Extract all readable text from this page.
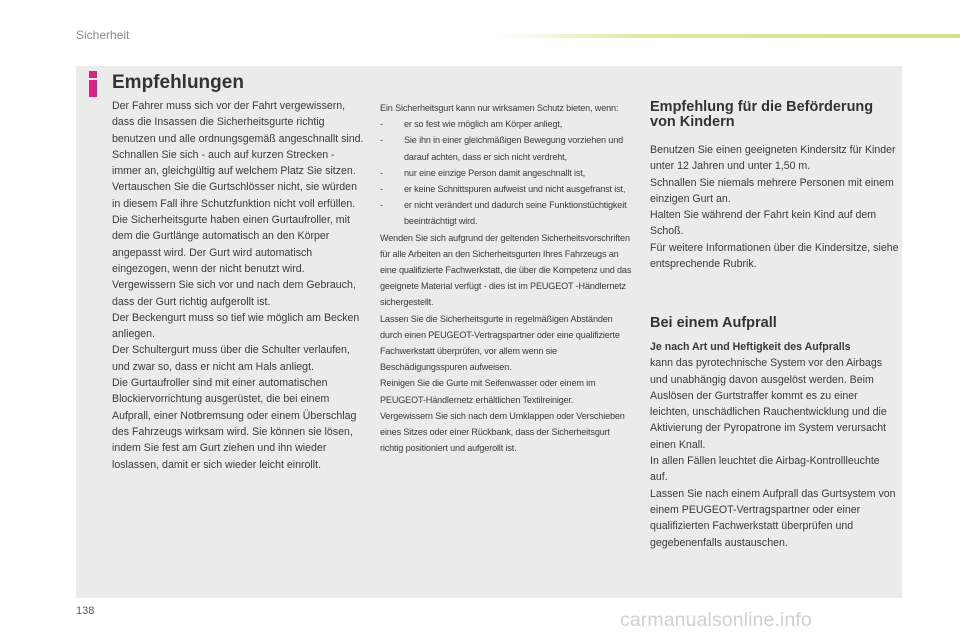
Sicherheit
Empfehlungen

Der Fahrer muss sich vor der Fahrt vergewissern, dass die Insassen die Sicherheitsgurte richtig benutzen und alle ordnungsgemäß angeschnallt sind.

Schnallen Sie sich - auch auf kurzen Strecken - immer an, gleichgültig auf welchem Platz Sie sitzen.

Vertauschen Sie die Gurtschlösser nicht, sie würden in diesem Fall ihre Schutzfunktion nicht voll erfüllen.

Die Sicherheitsgurte haben einen Gurtaufroller, mit dem die Gurtlänge automatisch an den Körper angepasst wird. Der Gurt wird automatisch eingezogen, wenn der nicht benutzt wird.

Vergewissern Sie sich vor und nach dem Gebrauch, dass der Gurt richtig aufgerollt ist.

Der Beckengurt muss so tief wie möglich am Becken anliegen.

Der Schultergurt muss über die Schulter verlaufen, und zwar so, dass er nicht am Hals anliegt.

Die Gurtaufroller sind mit einer automatischen Blockiervorrichtung ausgerüstet, die bei einem Aufprall, einer Notbremsung oder einem Überschlag des Fahrzeugs wirksam wird. Sie können sie lösen, indem Sie fest am Gurt ziehen und ihn wieder loslassen, damit er sich wieder leicht einrollt.

Ein Sicherheitsgurt kann nur wirksamen Schutz bieten, wenn:

- er so fest wie möglich am Körper anliegt,

- Sie ihn in einer gleichmäßigen Bewegung vorziehen und darauf achten, dass er sich nicht verdreht,

- nur eine einzige Person damit angeschnallt ist,

- er keine Schnittspuren aufweist und nicht ausgefranst ist,

- er nicht verändert und dadurch seine Funktionstüchtigkeit beeinträchtigt wird.

Wenden Sie sich aufgrund der geltenden Sicherheitsvorschriften für alle Arbeiten an den Sicherheitsgurten Ihres Fahrzeugs an eine qualifizierte Fachwerkstatt, die über die Kompetenz und das geeignete Material verfügt - dies ist im PEUGEOT -Händlernetz sichergestellt.

Lassen Sie die Sicherheitsgurte in regelmäßigen Abständen durch einen PEUGEOT-Vertragspartner oder eine qualifizierte Fachwerkstatt überprüfen, vor allem wenn sie Beschädigungsspuren aufweisen.

Reinigen Sie die Gurte mit Seifenwasser oder einem im PEUGEOT-Händlernetz erhältlichen Textilreiniger.

Vergewissern Sie sich nach dem Umklappen oder Verschieben eines Sitzes oder einer Rückbank, dass der Sicherheitsgurt richtig positioniert und aufgerollt ist.

Empfehlung für die Beförderung von Kindern

Benutzen Sie einen geeigneten Kindersitz für Kinder unter 12 Jahren und unter 1,50 m.

Schnallen Sie niemals mehrere Personen mit einem einzigen Gurt an.

Halten Sie während der Fahrt kein Kind auf dem Schoß.

Für weitere Informationen über die Kindersitze, siehe entsprechende Rubrik.

Bei einem Aufprall

Je nach Art und Heftigkeit des Aufpralls

kann das pyrotechnische System vor den Airbags und unabhängig davon ausgelöst werden. Beim Auslösen der Gurtstraffer kommt es zu einer leichten, unschädlichen Rauchentwicklung und die Aktivierung der Pyropatrone im System verursacht einen Knall.

In allen Fällen leuchtet die Airbag-Kontrollleuchte auf.

Lassen Sie nach einem Aufprall das Gurtsystem von einem PEUGEOT-Vertragspartner oder einer qualifizierten Fachwerkstatt überprüfen und gegebenenfalls austauschen.

138	carmanualsonline.info
